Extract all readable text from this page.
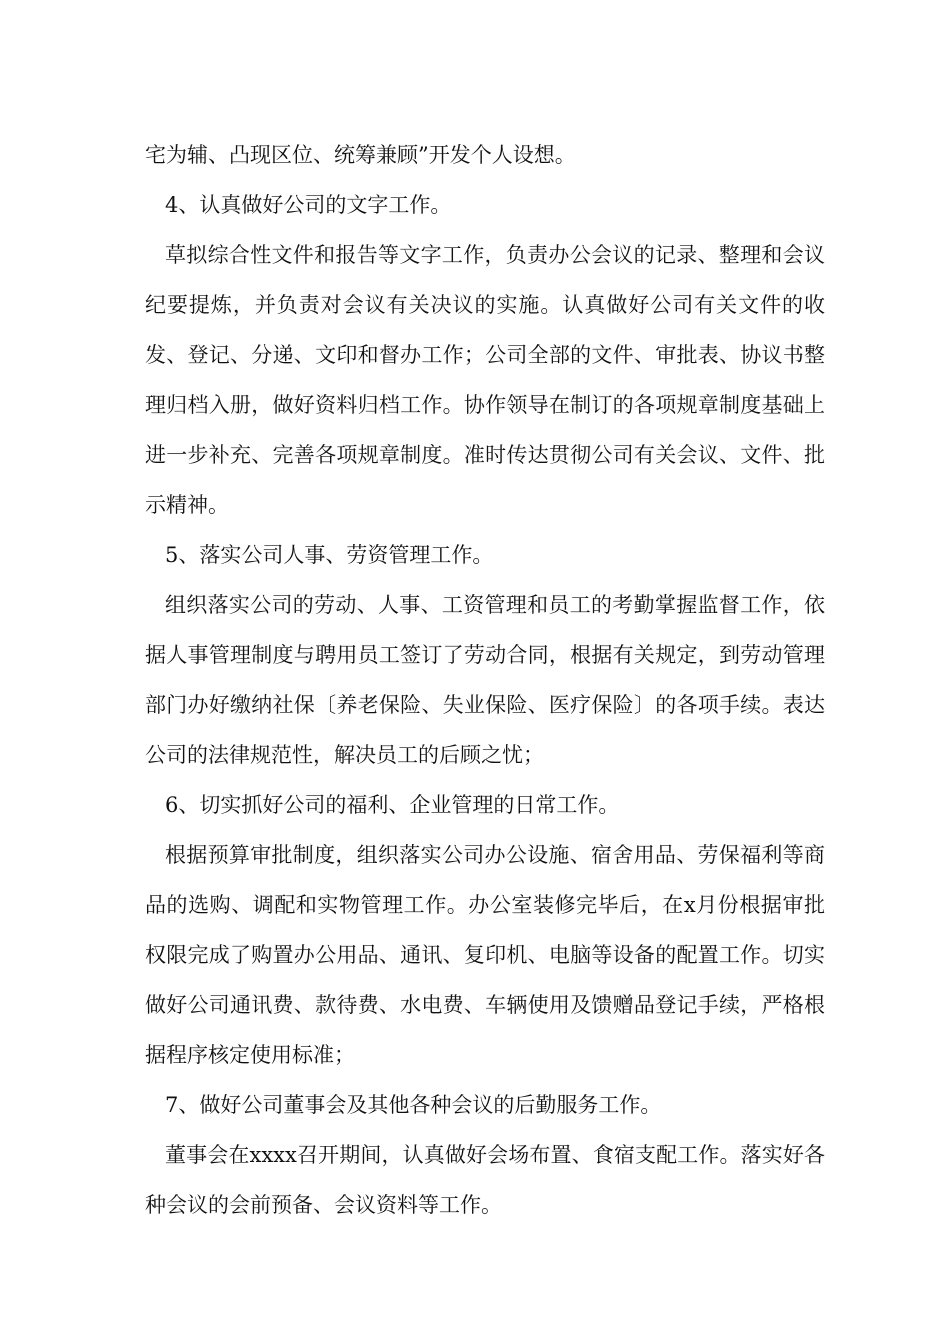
宅为辅、凸现区位、统筹兼顾”开发个人设想。

4、认真做好公司的文字工作。

草拟综合性文件和报告等文字工作，负责办公会议的记录、整理和会议纪要提炼，并负责对会议有关决议的实施。认真做好公司有关文件的收发、登记、分递、文印和督办工作；公司全部的文件、审批表、协议书整理归档入册，做好资料归档工作。协作领导在制订的各项规章制度基础上进一步补充、完善各项规章制度。准时传达贯彻公司有关会议、文件、批示精神。

5、落实公司人事、劳资管理工作。

组织落实公司的劳动、人事、工资管理和员工的考勤掌握监督工作，依据人事管理制度与聘用员工签订了劳动合同，根据有关规定，到劳动管理部门办好缴纳社保〔养老保险、失业保险、医疗保险〕的各项手续。表达公司的法律规范性，解决员工的后顾之忧；

6、切实抓好公司的福利、企业管理的日常工作。

根据预算审批制度，组织落实公司办公设施、宿舍用品、劳保福利等商品的选购、调配和实物管理工作。办公室装修完毕后，在x月份根据审批权限完成了购置办公用品、通讯、复印机、电脑等设备的配置工作。切实做好公司通讯费、款待费、水电费、车辆使用及馈赠品登记手续，严格根据程序核定使用标准；

7、做好公司董事会及其他各种会议的后勤服务工作。

董事会在xxxx召开期间，认真做好会场布置、食宿支配工作。落实好各种会议的会前预备、会议资料等工作。
